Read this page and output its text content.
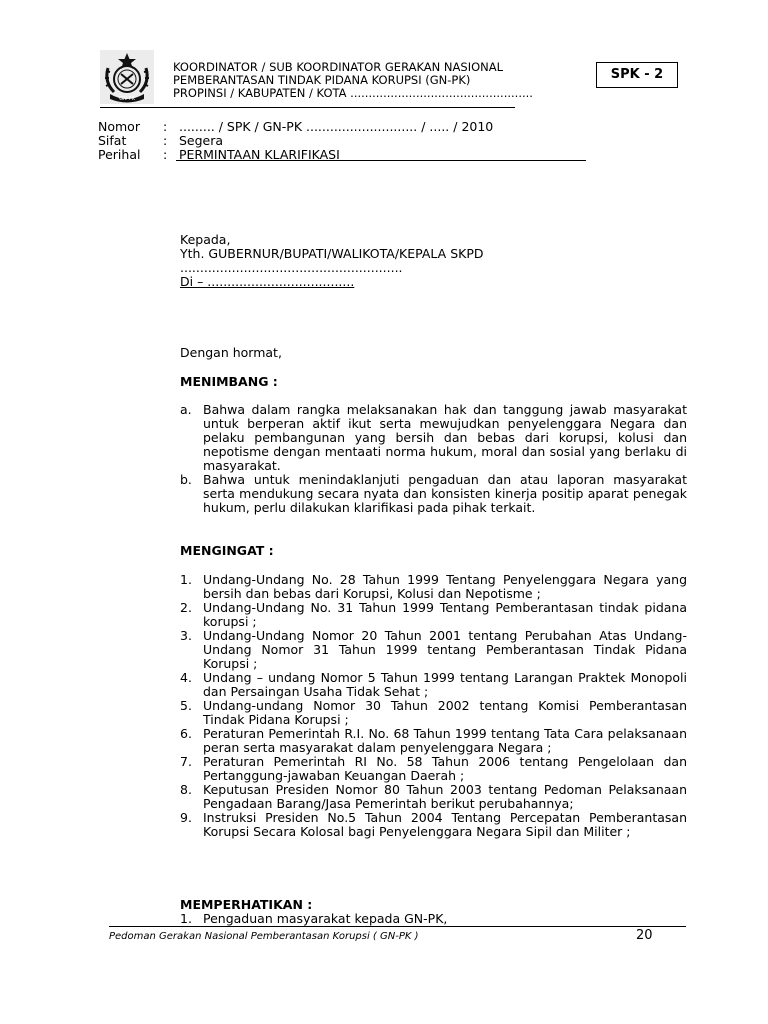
GN-PK
KOORDINATOR / SUB KOORDINATOR GERAKAN NASIONAL
PEMBERANTASAN TINDAK PIDANA KORUPSI (GN-PK)
PROPINSI / KABUPATEN / KOTA ..................................................
SPK - 2
Nomor : ......... / SPK / GN-PK ............................ / ..... / 2010
Sifat	: Segera
Perihal : PERMINTAAN KLARIFIKASI
Kepada,
Yth. GUBERNUR/BUPATI/WALIKOTA/KEPALA SKPD
........................................................
Di – .....................................
Dengan hormat,
MENIMBANG :
a. Bahwa dalam rangka melaksanakan hak dan tanggung jawab masyarakat untuk berperan aktif ikut serta mewujudkan penyelenggara Negara dan pelaku pembangunan yang bersih dan bebas dari korupsi, kolusi dan nepotisme dengan mentaati norma hukum, moral dan sosial yang berlaku di masyarakat.
b. Bahwa untuk menindaklanjuti pengaduan dan atau laporan masyarakat serta mendukung secara nyata dan konsisten kinerja positip aparat penegak hukum, perlu dilakukan klarifikasi pada pihak terkait.
MENGINGAT :
1. Undang-Undang No. 28 Tahun 1999 Tentang Penyelenggara Negara yang bersih dan bebas dari Korupsi, Kolusi dan Nepotisme ;
2. Undang-Undang No. 31 Tahun 1999 Tentang Pemberantasan tindak pidana korupsi ;
3. Undang-Undang Nomor 20 Tahun 2001 tentang Perubahan Atas Undang-Undang Nomor 31 Tahun 1999 tentang Pemberantasan Tindak Pidana Korupsi ;
4. Undang – undang Nomor 5 Tahun 1999 tentang Larangan Praktek Monopoli dan Persaingan Usaha Tidak Sehat ;
5. Undang-undang Nomor 30 Tahun 2002 tentang Komisi Pemberantasan Tindak Pidana Korupsi ;
6. Peraturan Pemerintah R.I. No. 68 Tahun 1999 tentang Tata Cara pelaksanaan peran serta masyarakat dalam penyelenggara Negara ;
7. Peraturan Pemerintah RI No. 58 Tahun 2006 tentang Pengelolaan dan Pertanggung-jawaban Keuangan Daerah ;
8. Keputusan Presiden Nomor 80 Tahun 2003 tentang Pedoman Pelaksanaan Pengadaan Barang/Jasa Pemerintah berikut perubahannya;
9. Instruksi Presiden No.5 Tahun 2004 Tentang Percepatan Pemberantasan Korupsi Secara Kolosal bagi Penyelenggara Negara Sipil dan Militer ;
MEMPERHATIKAN :
1. Pengaduan masyarakat kepada GN-PK,
Pedoman Gerakan Nasional Pemberantasan Korupsi ( GN-PK )	20
